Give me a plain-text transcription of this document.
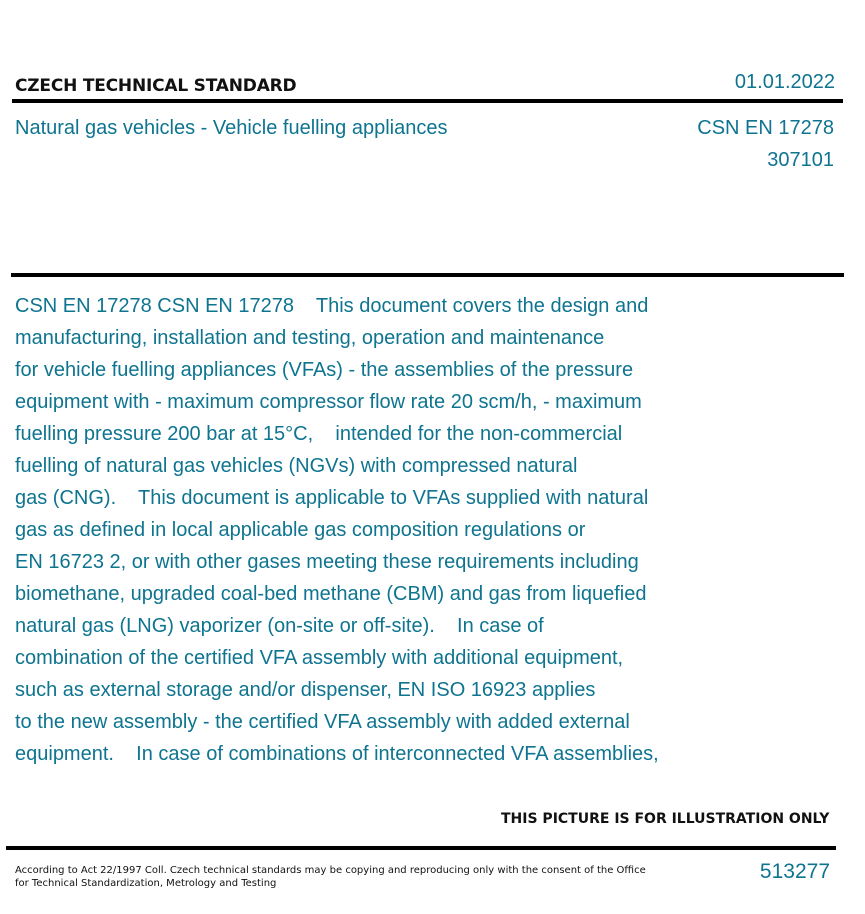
CZECH TECHNICAL STANDARD	01.01.2022
Natural gas vehicles - Vehicle fuelling appliances	CSN EN 17278
307101
CSN EN 17278 CSN EN 17278    This document covers the design and
manufacturing, installation and testing, operation and maintenance
for vehicle fuelling appliances (VFAs) - the assemblies of the pressure
equipment with - maximum compressor flow rate 20 scm/h, - maximum
fuelling pressure 200 bar at 15°C,    intended for the non-commercial
fuelling of natural gas vehicles (NGVs) with compressed natural
gas (CNG).    This document is applicable to VFAs supplied with natural
gas as defined in local applicable gas composition regulations or
EN 16723 2, or with other gases meeting these requirements including
biomethane, upgraded coal-bed methane (CBM) and gas from liquefied
natural gas (LNG) vaporizer (on-site or off-site).    In case of
combination of the certified VFA assembly with additional equipment,
such as external storage and/or dispenser, EN ISO 16923 applies
to the new assembly - the certified VFA assembly with added external
equipment.    In case of combinations of interconnected VFA assemblies,
THIS PICTURE IS FOR ILLUSTRATION ONLY
According to Act 22/1997 Coll. Czech technical standards may be copying and reproducing only with the consent of the Office
for Technical Standardization, Metrology and Testing
513277
